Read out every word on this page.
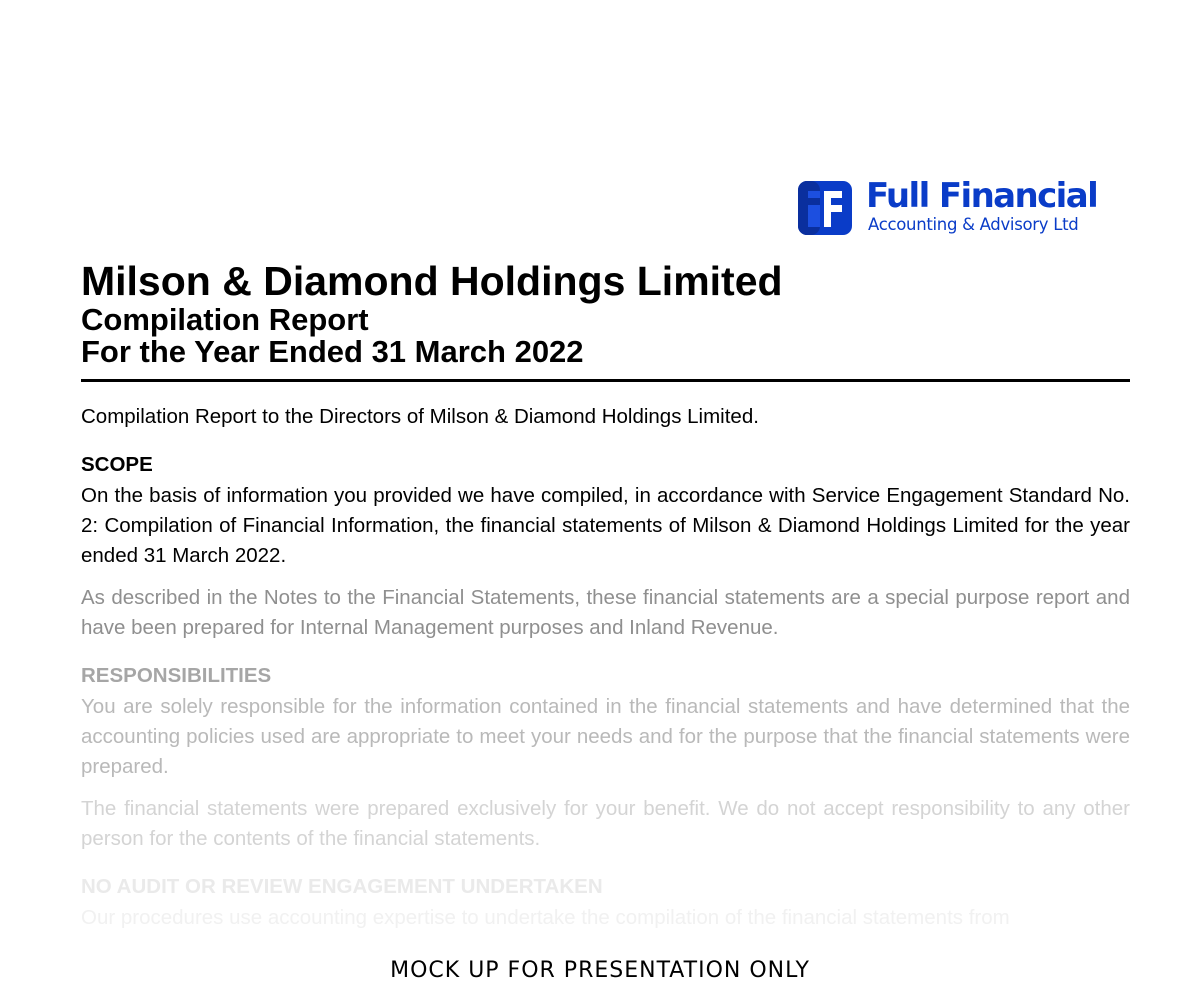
Full Financial
Accounting & Advisory Ltd
Milson & Diamond Holdings Limited
Compilation Report
For the Year Ended 31 March 2022

Compilation Report to the Directors of Milson & Diamond Holdings Limited.

SCOPE

On the basis of information you provided we have compiled, in accordance with Service Engagement Standard No. 2: Compilation of Financial Information, the financial statements of Milson & Diamond Holdings Limited for the year ended 31 March 2022.

As described in the Notes to the Financial Statements, these financial statements are a special purpose report and have been prepared for Internal Management purposes and Inland Revenue.

RESPONSIBILITIES

You are solely responsible for the information contained in the financial statements and have determined that the accounting policies used are appropriate to meet your needs and for the purpose that the financial statements were prepared.

The financial statements were prepared exclusively for your benefit. We do not accept responsibility to any other person for the contents of the financial statements.

NO AUDIT OR REVIEW ENGAGEMENT UNDERTAKEN

Our procedures use accounting expertise to undertake the compilation of the financial statements from

MOCK UP FOR PRESENTATION ONLY
